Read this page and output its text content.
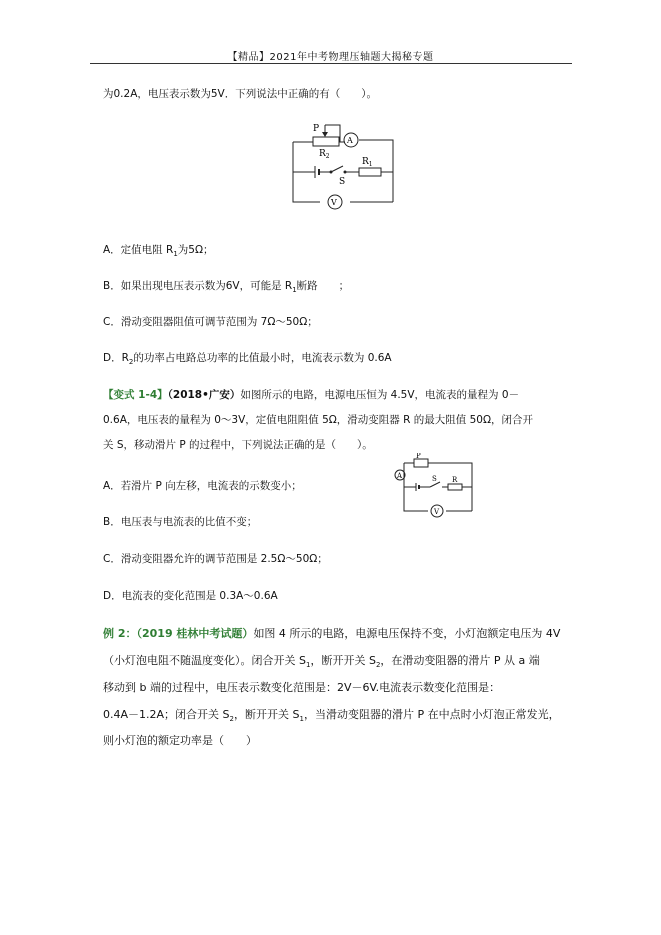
【精品】2021年中考物理压轴题大揭秘专题
为0.2A，电压表示数为5V．下列说法中正确的有（　　）。
P
$R_2$
A
$R_1$
S
V
A．定值电阻 $R_1$为5Ω；
B．如果出现电压表示数为6V，可能是 $R_1$断路　　；
C．滑动变阻器阻值可调节范围为 7Ω～50Ω；
D．$R_2$的功率占电路总功率的比值最小时，电流表示数为 0.6A
【变式 1-4】（2018•广安）如图所示的电路，电源电压恒为 4.5V，电流表的量程为 0－
0.6A，电压表的量程为 0～3V，定值电阻阻值 5Ω，滑动变阻器 R 的最大阻值 50Ω，闭合开
关 S，移动滑片 P 的过程中，下列说法正确的是（　　）。
P
A	S R
V
A．若滑片 P 向左移，电流表的示数变小；
B．电压表与电流表的比值不变；
C．滑动变阻器允许的调节范围是 2.5Ω～50Ω；
D．电流表的变化范围是 0.3A～0.6A
例 2：（2019 桂林中考试题）如图 4 所示的电路，电源电压保持不变，小灯泡额定电压为 4V
（小灯泡电阻不随温度变化）。闭合开关 $S_1$，断开开关 $S_2$，在滑动变阻器的滑片 P 从 a 端
移动到 b 端的过程中，电压表示数变化范围是：2V－6V.电流表示数变化范围是：
0.4A－1.2A；闭合开关 $S_2$，断开开关 $S_1$，当滑动变阻器的滑片 P 在中点时小灯泡正常发光，
则小灯泡的额定功率是（　　）
